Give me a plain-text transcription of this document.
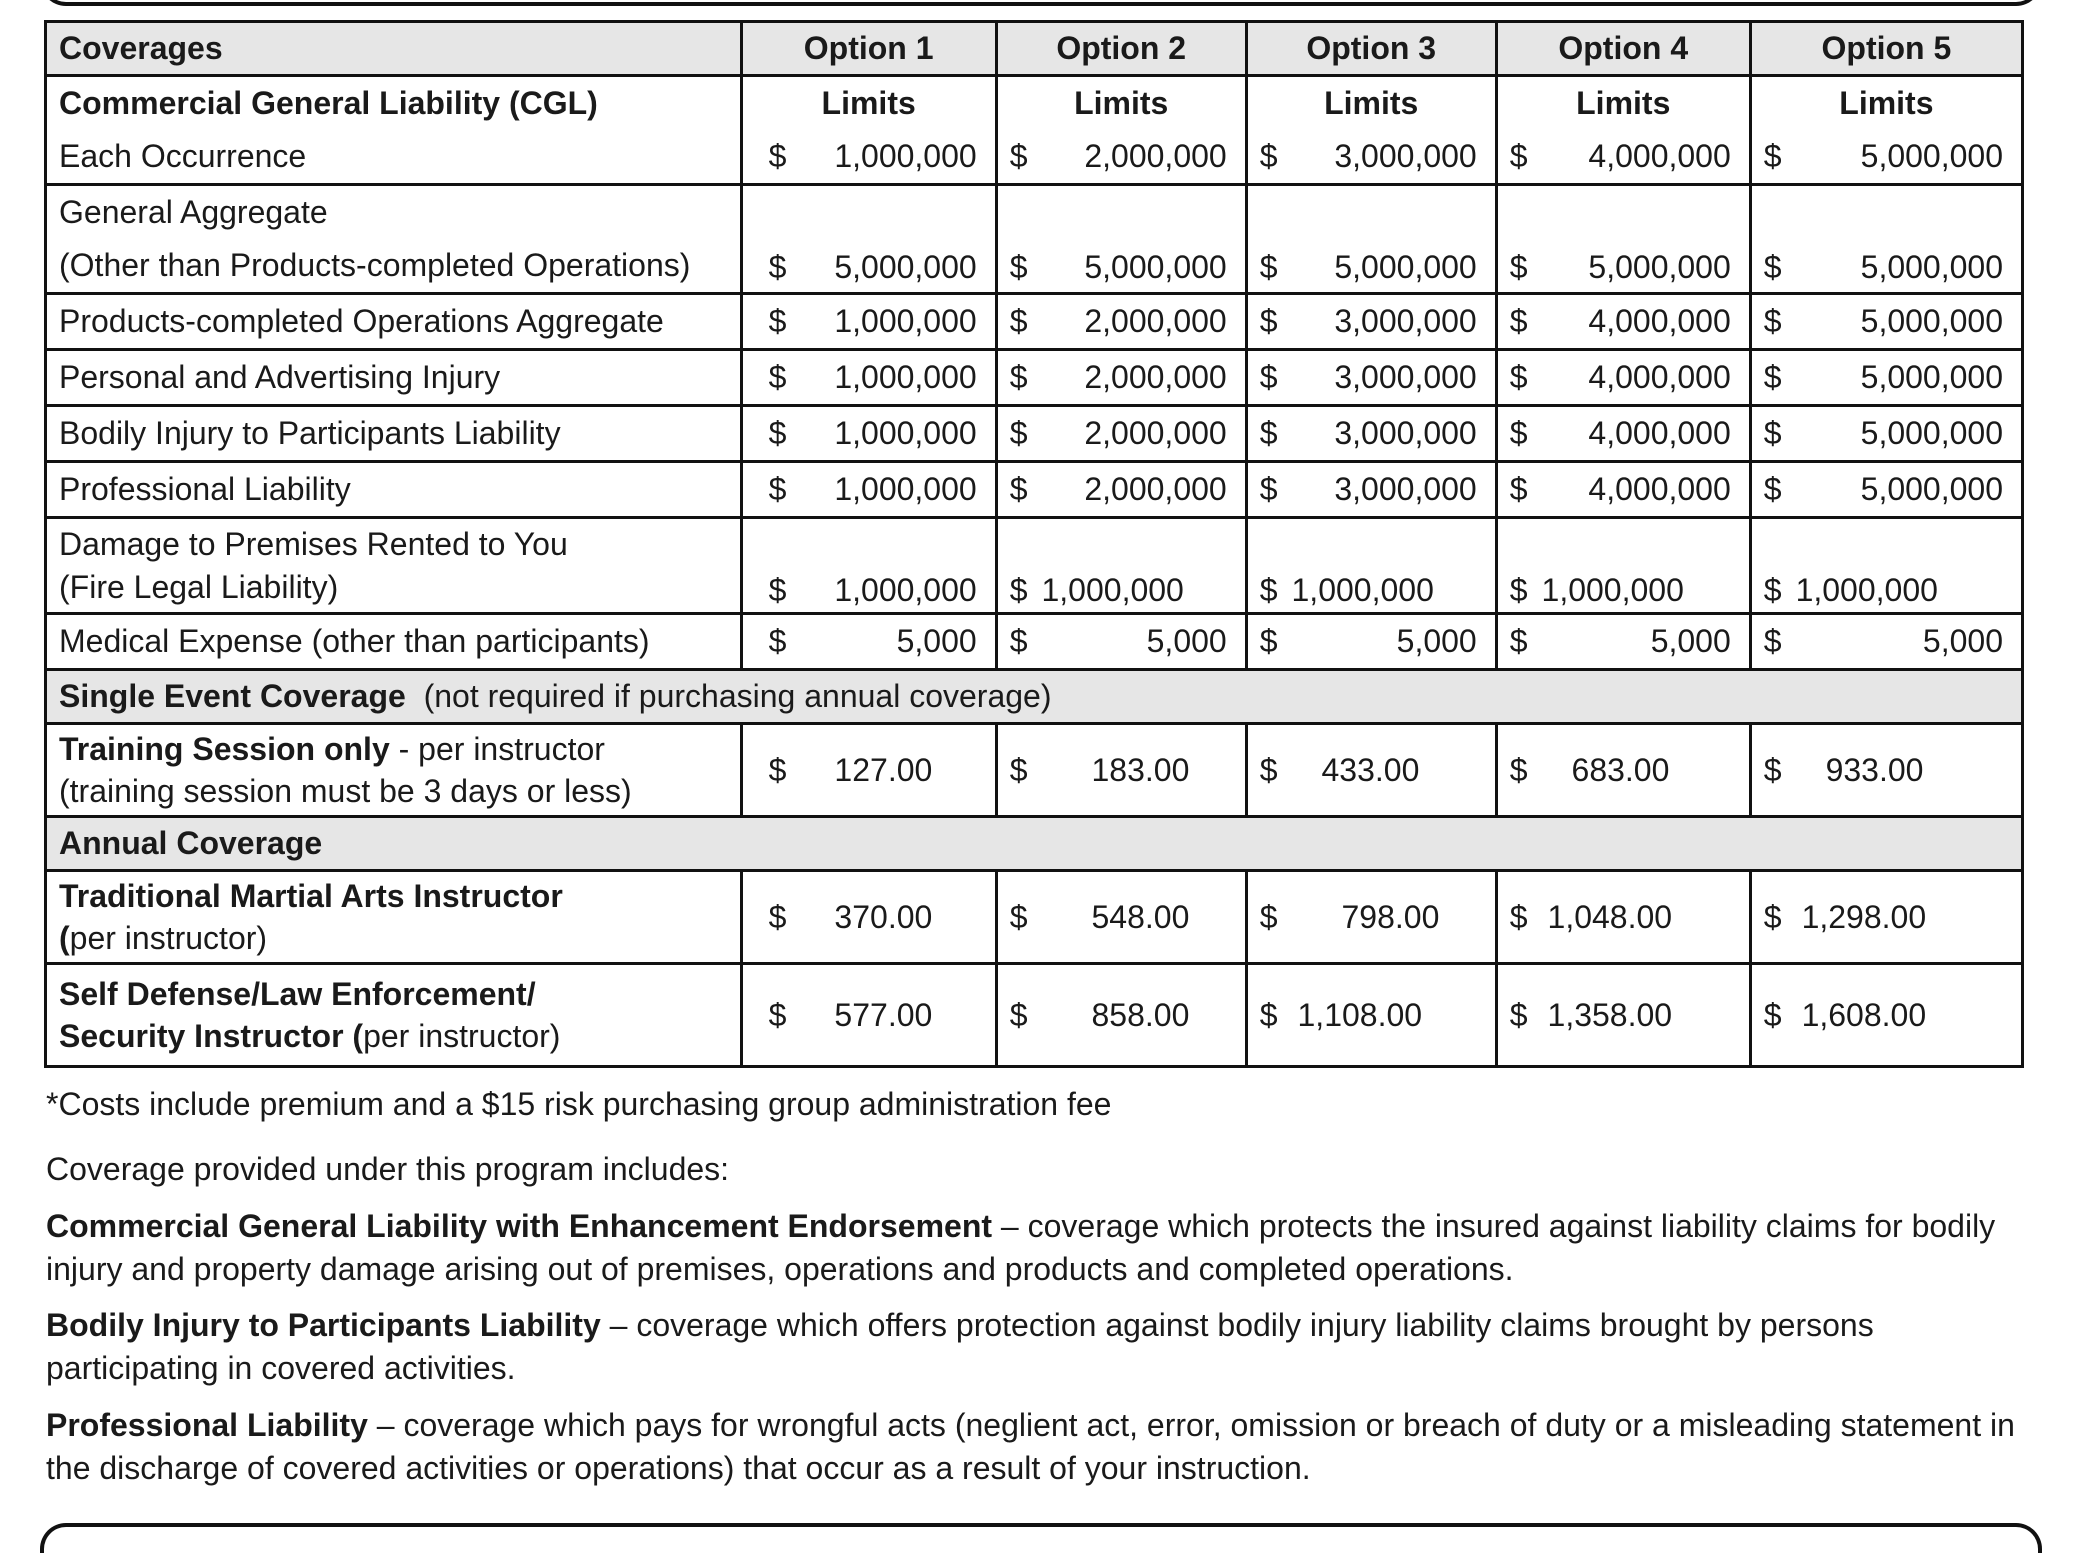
Coverages	Option 1	Option 2	Option 3	Option 4	Option 5
Commercial General Liability (CGL)	Limits	Limits	Limits	Limits	Limits
Each Occurrence	$ 1,000,000	$ 2,000,000	$ 3,000,000	$ 4,000,000	$ 5,000,000

General Aggregate
(Other than Products-completed Operations)	$ 5,000,000	$ 5,000,000	$ 5,000,000	$ 5,000,000	$ 5,000,000

Products-completed Operations Aggregate	$ 1,000,000	$ 2,000,000	$ 3,000,000	$ 4,000,000	$ 5,000,000

Personal and Advertising Injury	$ 1,000,000	$ 2,000,000	$ 3,000,000	$ 4,000,000	$ 5,000,000

Bodily Injury to Participants Liability	$ 1,000,000	$ 2,000,000	$ 3,000,000	$ 4,000,000	$ 5,000,000

Professional Liability	$ 1,000,000	$ 2,000,000	$ 3,000,000	$ 4,000,000	$ 5,000,000

Damage to Premises Rented to You
(Fire Legal Liability)	$ 1,000,000	$ 1,000,000	$ 1,000,000	$ 1,000,000	$ 1,000,000

Medical Expense (other than participants)	$ 5,000	$ 5,000	$ 5,000	$ 5,000	$ 5,000

Single Event Coverage (not required if purchasing annual coverage)					
Training Session only - per instructor
(training session must be 3 days or less)	$ 127.00	$ 183.00	$ 433.00	$ 683.00	$ 933.00

Annual Coverage					
Traditional Martial Arts Instructor
(per instructor)	$ 370.00	$ 548.00	$ 798.00	$ 1,048.00	$ 1,298.00

Self Defense/Law Enforcement/
Security Instructor (per instructor)	$ 577.00	$ 858.00	$ 1,108.00	$ 1,358.00	$ 1,608.00
*Costs include premium and a $15 risk purchasing group administration fee
Coverage provided under this program includes:

Commercial General Liability with Enhancement Endorsement – coverage which protects the insured against liability claims for bodily injury and property damage arising out of premises, operations and products and completed operations.

Bodily Injury to Participants Liability – coverage which offers protection against bodily injury liability claims brought by persons participating in covered activities.

Professional Liability – coverage which pays for wrongful acts (neglient act, error, omission or breach of duty or a misleading statement in the discharge of covered activities or operations) that occur as a result of your instruction.
